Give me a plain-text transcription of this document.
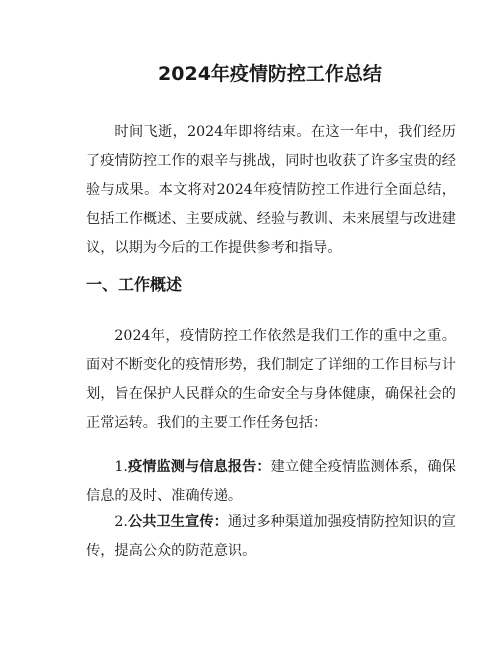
2024年疫情防控工作总结

时间飞逝，2024年即将结束。在这一年中，我们经历了疫情防控工作的艰辛与挑战，同时也收获了许多宝贵的经验与成果。本文将对2024年疫情防控工作进行全面总结，包括工作概述、主要成就、经验与教训、未来展望与改进建议，以期为今后的工作提供参考和指导。

一、工作概述

2024年，疫情防控工作依然是我们工作的重中之重。面对不断变化的疫情形势，我们制定了详细的工作目标与计划，旨在保护人民群众的生命安全与身体健康，确保社会的正常运转。我们的主要工作任务包括：

1.疫情监测与信息报告：建立健全疫情监测体系，确保信息的及时、准确传递。

2.公共卫生宣传：通过多种渠道加强疫情防控知识的宣传，提高公众的防范意识。
